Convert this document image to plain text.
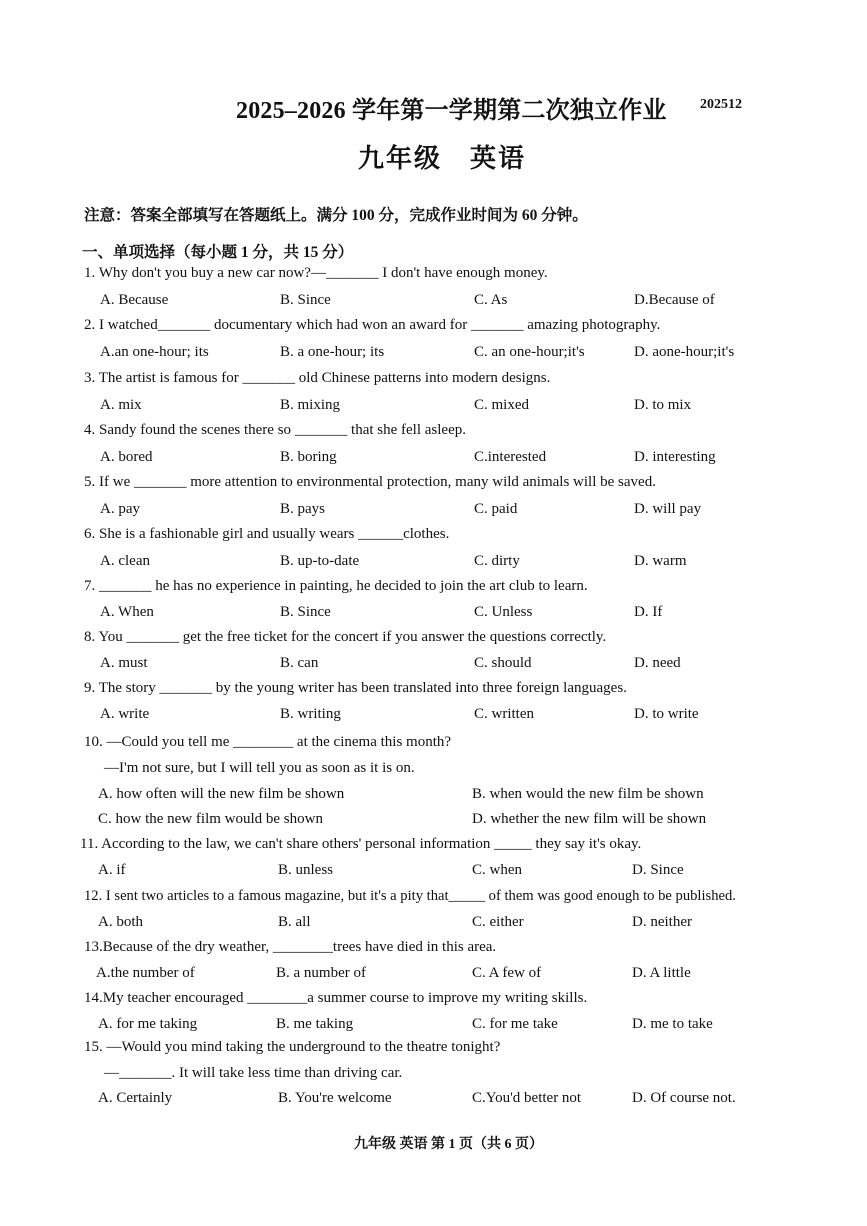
2025–2026 学年第一学期第二次独立作业 202512
九年级　英语
注意：答案全部填写在答题纸上。满分 100 分，完成作业时间为 60 分钟。
一、单项选择（每小题 1 分，共 15 分）
1. Why don't you buy a new car now?—_______ I don't have enough money.
A. Because	B. Since	C. As	D.Because of
2. I watched_______ documentary which had won an award for _______ amazing photography.
A.an one-hour; its	B. a one-hour; its	C. an one-hour;it's	D. aone-hour;it's
3. The artist is famous for _______ old Chinese patterns into modern designs.
A. mix	B. mixing	C. mixed	D. to mix
4. Sandy found the scenes there so _______ that she fell asleep.
A. bored	B. boring	C.interested	D. interesting
5. If we _______ more attention to environmental protection, many wild animals will be saved.
A. pay	B. pays	C. paid	D. will pay
6. She is a fashionable girl and usually wears ______clothes.
A. clean	B. up-to-date	C. dirty	D. warm
7. _______ he has no experience in painting, he decided to join the art club to learn.
A. When	B. Since	C. Unless	D. If
8. You _______ get the free ticket for the concert if you answer the questions correctly.
A. must	B. can	C. should	D. need
9. The story _______ by the young writer has been translated into three foreign languages.
A. write	B. writing	C. written	D. to write
10. —Could you tell me ________ at the cinema this month?
—I'm not sure, but I will tell you as soon as it is on.
A. how often will the new film be shown	B. when would the new film be shown
C. how the new film would be shown	D. whether the new film will be shown
11. According to the law, we can't share others' personal information _____ they say it's okay.
A. if	B. unless	C. when	D. Since
12. I sent two articles to a famous magazine, but it's a pity that_____ of them was good enough to be published.
A. both	B. all	C. either	D. neither
13.Because of the dry weather, ________trees have died in this area.
A.the number of	B. a number of	C. A few of	D. A little
14.My teacher encouraged ________a summer course to improve my writing skills.
A. for me taking	B. me taking	C. for me take	D. me to take
15. —Would you mind taking the underground to the theatre tonight?
—_______. It will take less time than driving car.
A. Certainly	B. You're welcome	C.You'd better not	D. Of course not.
九年级 英语 第 1 页（共 6 页）
